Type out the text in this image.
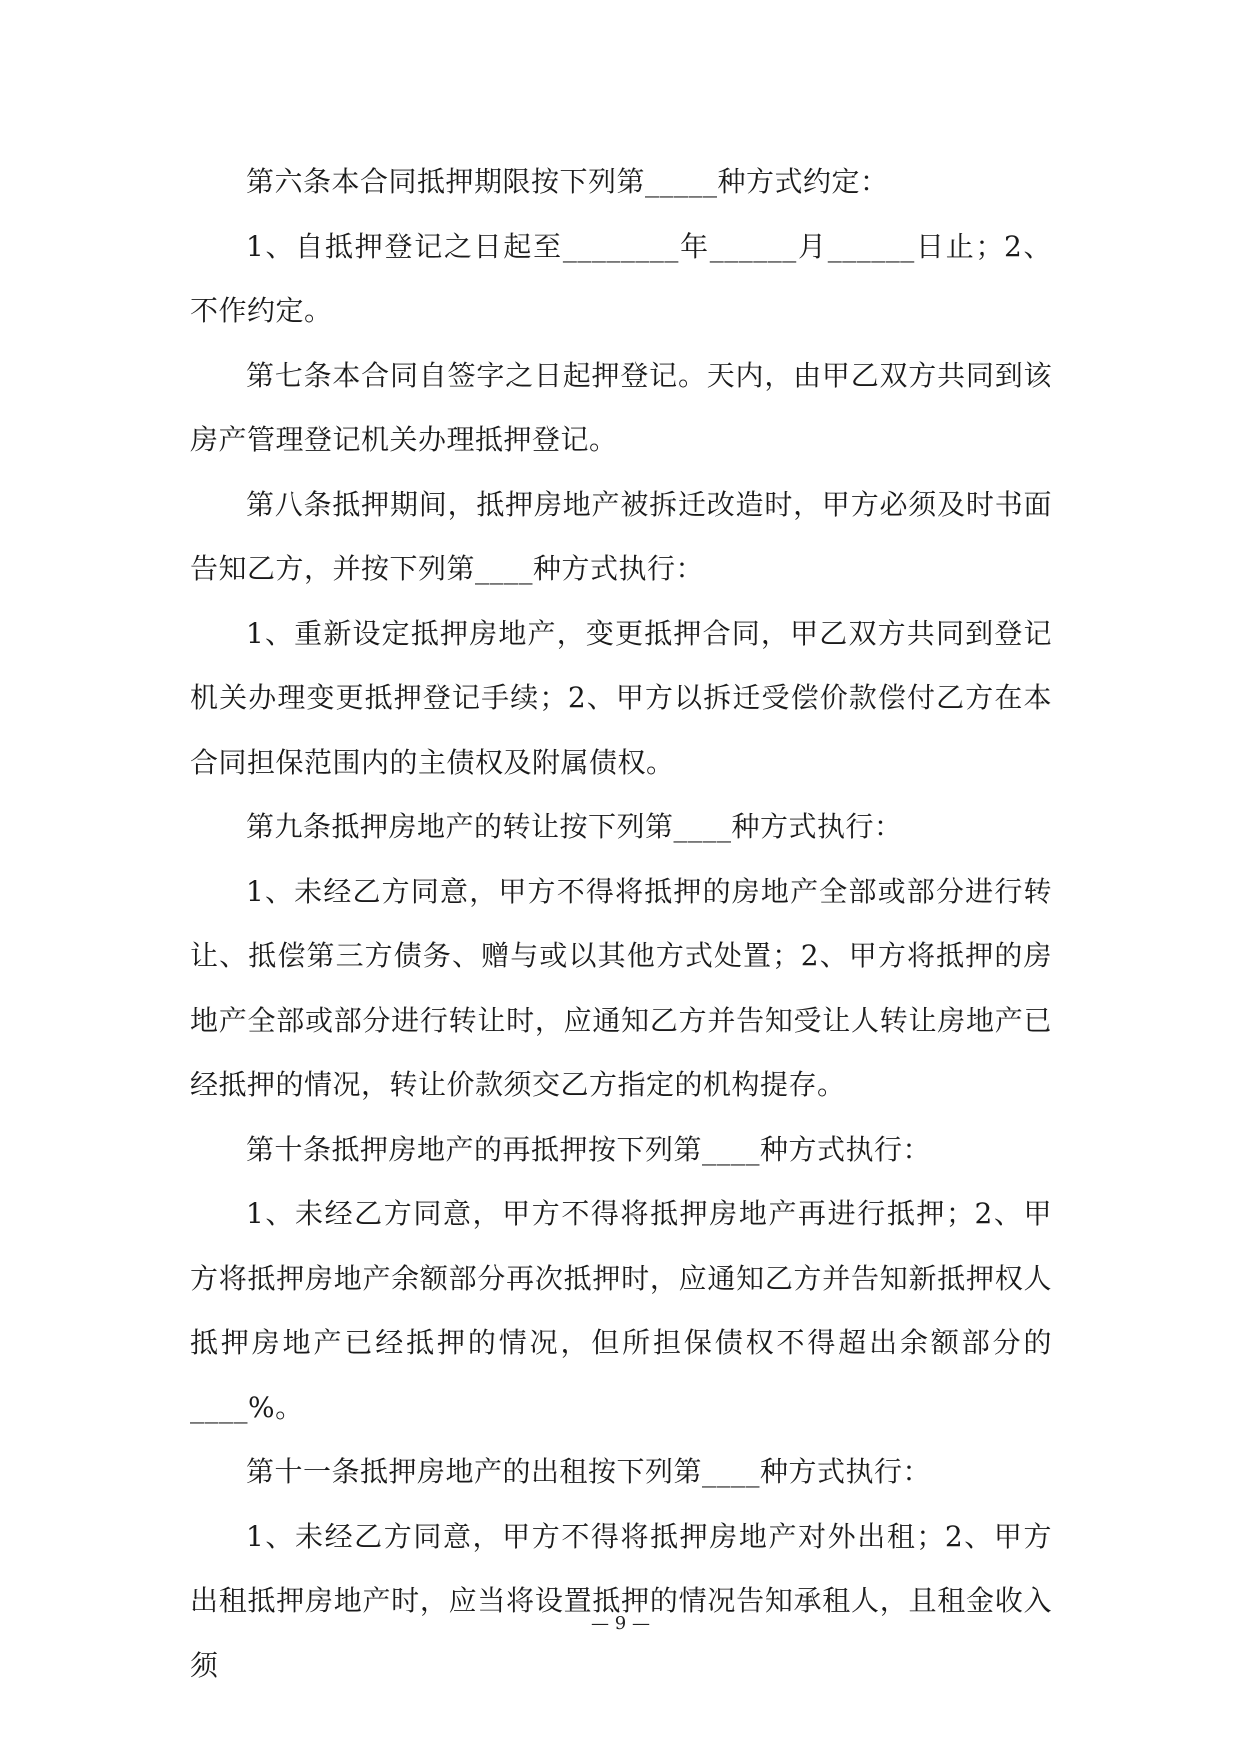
第六条本合同抵押期限按下列第_____种方式约定：

1、自抵押登记之日起至________年______月______日止；2、不作约定。

第七条本合同自签字之日起押登记。天内，由甲乙双方共同到该房产管理登记机关办理抵押登记。

第八条抵押期间，抵押房地产被拆迁改造时，甲方必须及时书面告知乙方，并按下列第____种方式执行：

1、重新设定抵押房地产，变更抵押合同，甲乙双方共同到登记机关办理变更抵押登记手续；2、甲方以拆迁受偿价款偿付乙方在本合同担保范围内的主债权及附属债权。

第九条抵押房地产的转让按下列第____种方式执行：

1、未经乙方同意，甲方不得将抵押的房地产全部或部分进行转让、抵偿第三方债务、赠与或以其他方式处置；2、甲方将抵押的房地产全部或部分进行转让时，应通知乙方并告知受让人转让房地产已经抵押的情况，转让价款须交乙方指定的机构提存。

第十条抵押房地产的再抵押按下列第____种方式执行：

1、未经乙方同意，甲方不得将抵押房地产再进行抵押；2、甲方将抵押房地产余额部分再次抵押时，应通知乙方并告知新抵押权人抵押房地产已经抵押的情况，但所担保债权不得超出余额部分的____%。

第十一条抵押房地产的出租按下列第____种方式执行：

1、未经乙方同意，甲方不得将抵押房地产对外出租；2、甲方出租抵押房地产时，应当将设置抵押的情况告知承租人，且租金收入须

— 9 —
